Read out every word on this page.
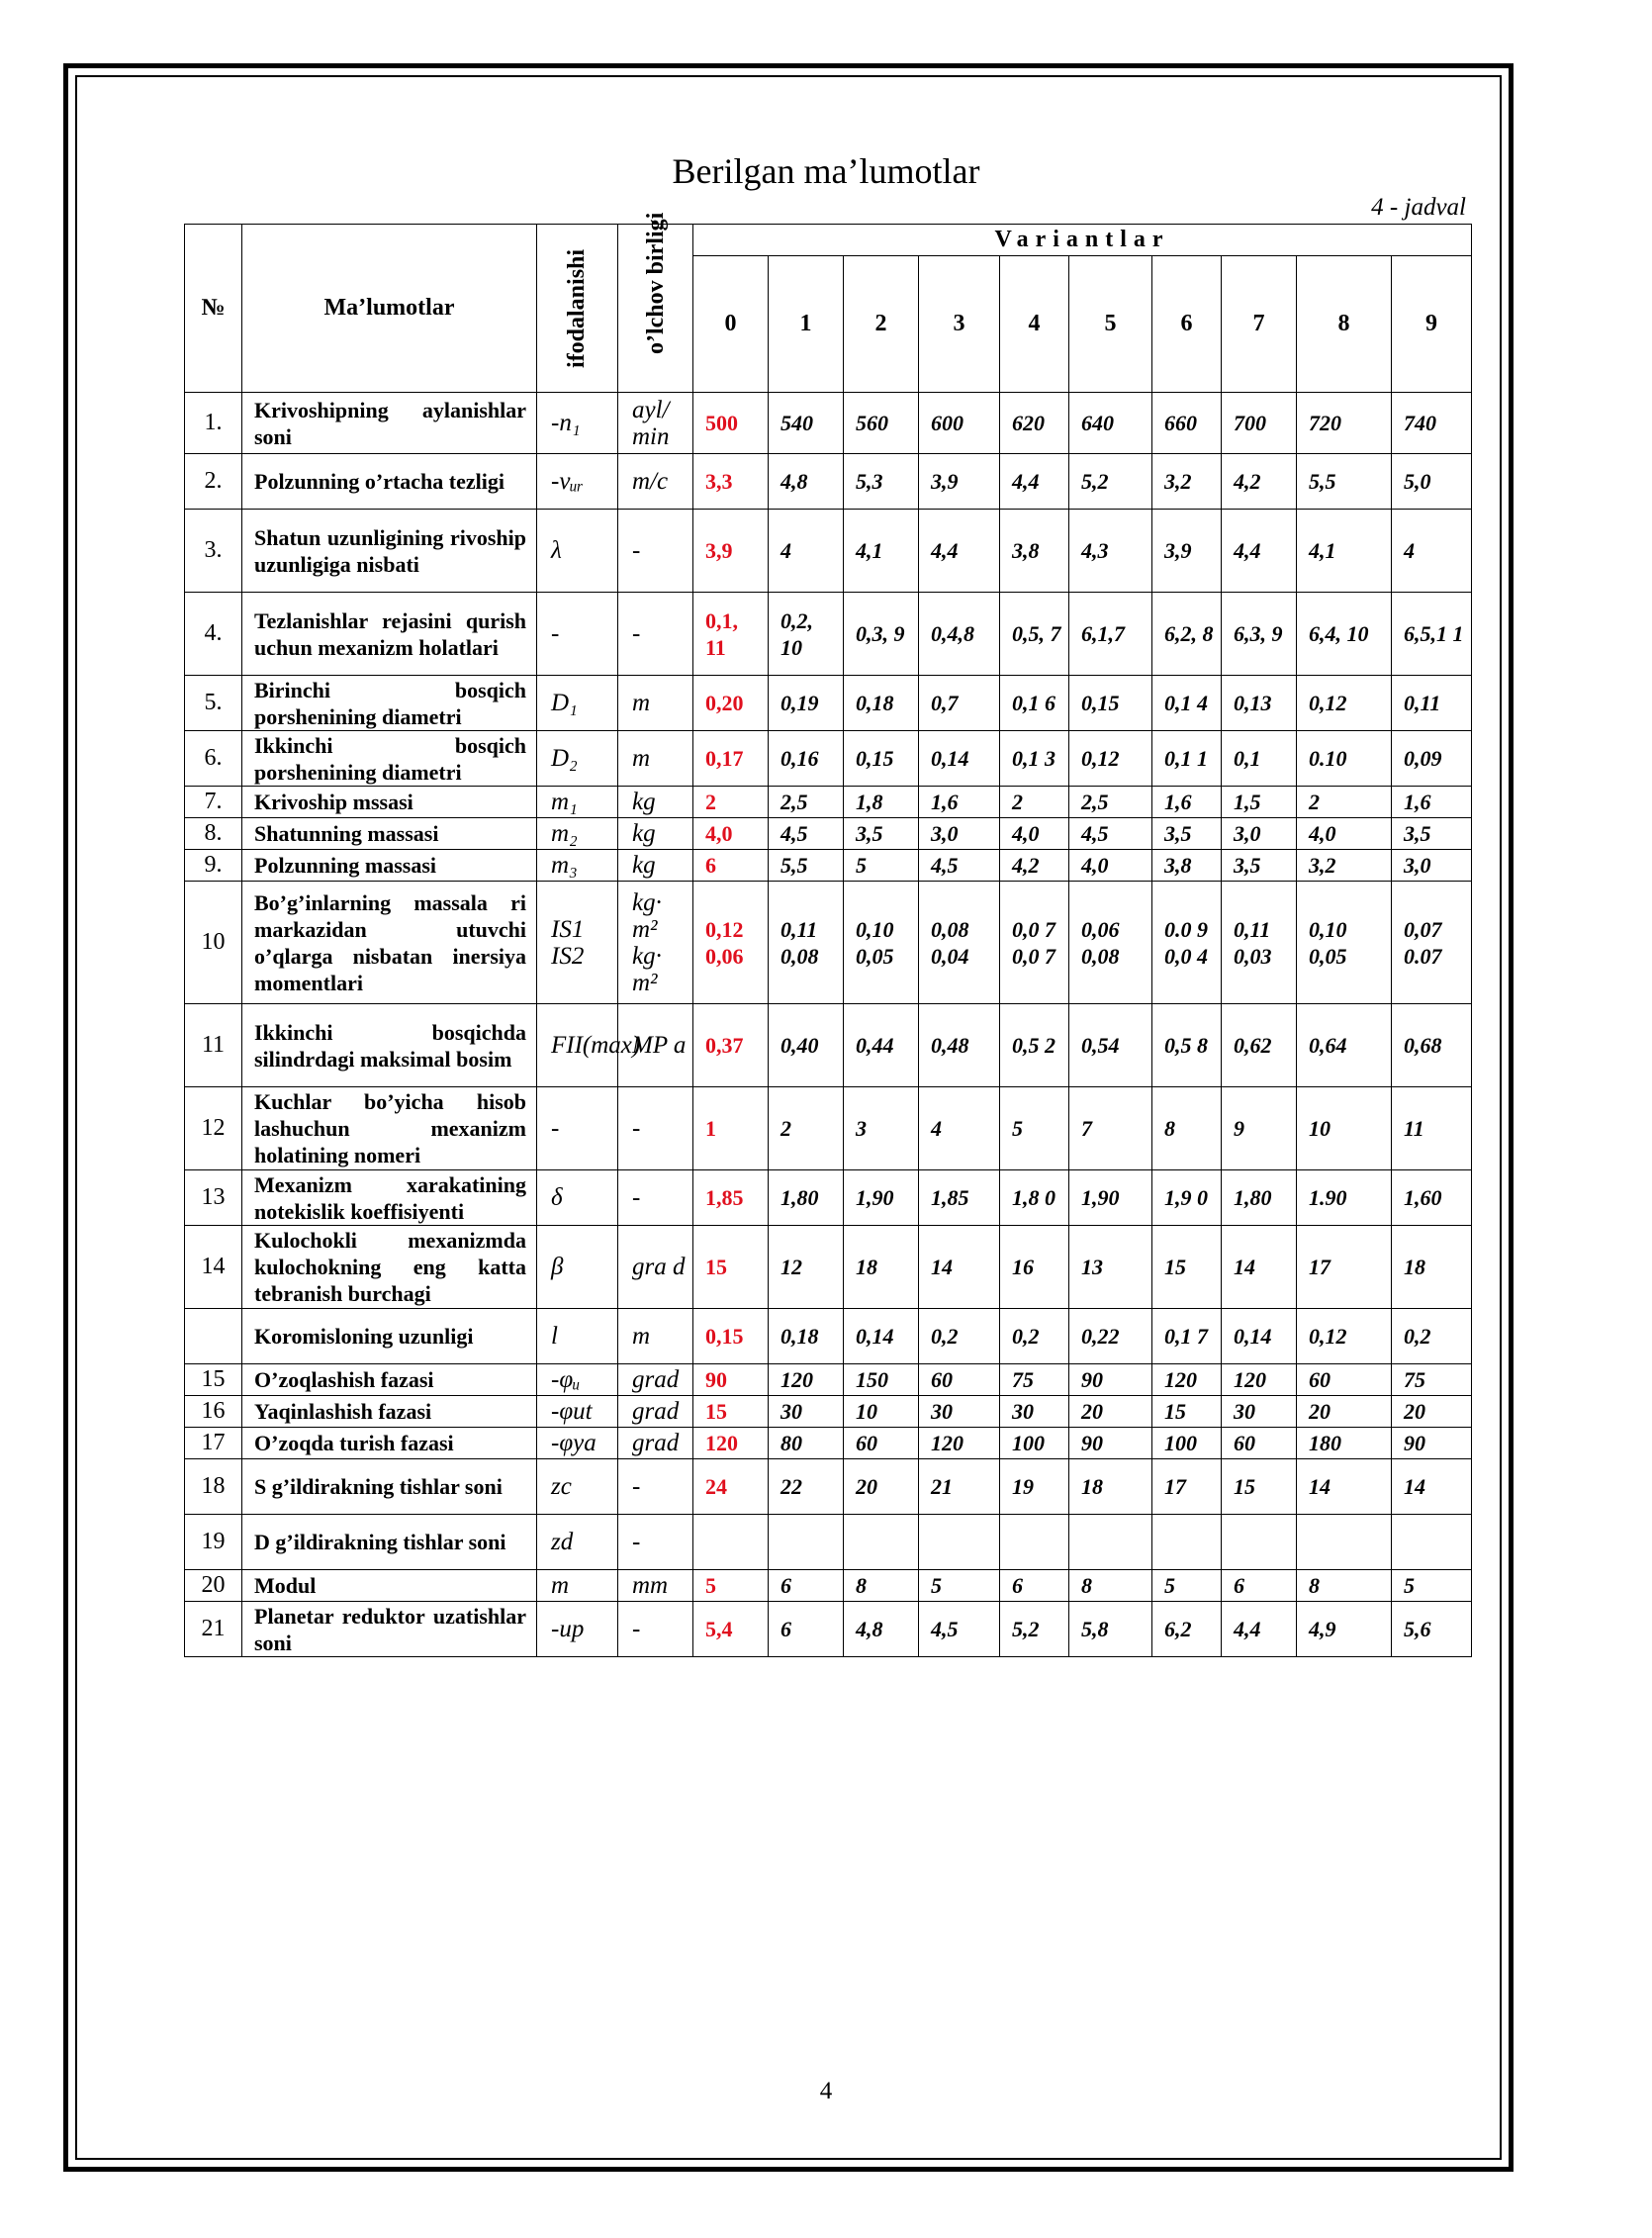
Berilgan ma’lumotlar
4 - jadval
№	Ma’lumotlar	ifodalanishi	o’lchov birligi	Variantlar									
				0	1	2	3	4	5	6	7	8	9
1.	Krivoshipning aylanishlar soni	-n₁	ayl/ min	500	540	560	600	620	640	660	700	720	740
2.	Polzunning o’rtacha tezligi	-vᵤᵣ	m/c	3,3	4,8	5,3	3,9	4,4	5,2	3,2	4,2	5,5	5,0
3.	Shatun uzunligining rivoship uzunligiga nisbati	λ	-	3,9	4	4,1	4,4	3,8	4,3	3,9	4,4	4,1	4
4.	Tezlanishlar rejasini qurish uchun mexanizm holatlari	-	-	0,1, 11	0,2, 10	0,3, 9	0,4,8	0,5, 7	6,1,7	6,2, 8	6,3, 9	6,4, 10	6,5,1 1
5.	Birinchi bosqich porshenining diametri	D₁	m	0,20	0,19	0,18	0,7	0,1 6	0,15	0,1 4	0,13	0,12	0,11
6.	Ikkinchi bosqich porshenining diametri	D₂	m	0,17	0,16	0,15	0,14	0,1 3	0,12	0,1 1	0,1	0.10	0,09
7.	Krivoship mssasi	m₁	kg	2	2,5	1,8	1,6	2	2,5	1,6	1,5	2	1,6
8.	Shatunning massasi	m₂	kg	4,0	4,5	3,5	3,0	4,0	4,5	3,5	3,0	4,0	3,5
9.	Polzunning massasi	m₃	kg	6	5,5	5	4,5	4,2	4,0	3,8	3,5	3,2	3,0
10	Bo’g’inlarning massala ri markazidan utuvchi o’qlarga nisbatan inersiya momentlari	IS1 IS2	kg· m² kg· m²	0,12 0,06	0,11 0,08	0,10 0,05	0,08 0,04	0,0 7 0,0 7	0,06 0,08	0.0 9 0,0 4	0,11 0,03	0,10 0,05	0,07 0.07
11	Ikkinchi bosqichda silindrdagi maksimal bosim	FII(max)	MP a	0,37	0,40	0,44	0,48	0,5 2	0,54	0,5 8	0,62	0,64	0,68
12	Kuchlar bo’yicha hisob lashuchun mexanizm holatining nomeri	-	-	1	2	3	4	5	7	8	9	10	11
13	Mexanizm xarakatining notekislik koeffisiyenti	δ	-	1,85	1,80	1,90	1,85	1,8 0	1,90	1,9 0	1,80	1.90	1,60
14	Kulochokli mexanizmda kulochokning eng katta tebranish burchagi	β	gra d	15	12	18	14	16	13	15	14	17	18
	Koromisloning uzunligi	l	m	0,15	0,18	0,14	0,2	0,2	0,22	0,1 7	0,14	0,12	0,2
15	O’zoqlashish fazasi	-φᵤ	grad	90	120	150	60	75	90	120	120	60	75
16	Yaqinlashish fazasi	-φut	grad	15	30	10	30	30	20	15	30	20	20
17	O’zoqda turish fazasi	-φya	grad	120	80	60	120	100	90	100	60	180	90
18	S g’ildirakning tishlar soni	zc	-	24	22	20	21	19	18	17	15	14	14
19	D g’ildirakning tishlar soni	zd	-										
20	Modul	m	mm	5	6	8	5	6	8	5	6	8	5
21	Planetar reduktor uzatishlar soni	-up	-	5,4	6	4,8	4,5	5,2	5,8	6,2	4,4	4,9	5,6
4
